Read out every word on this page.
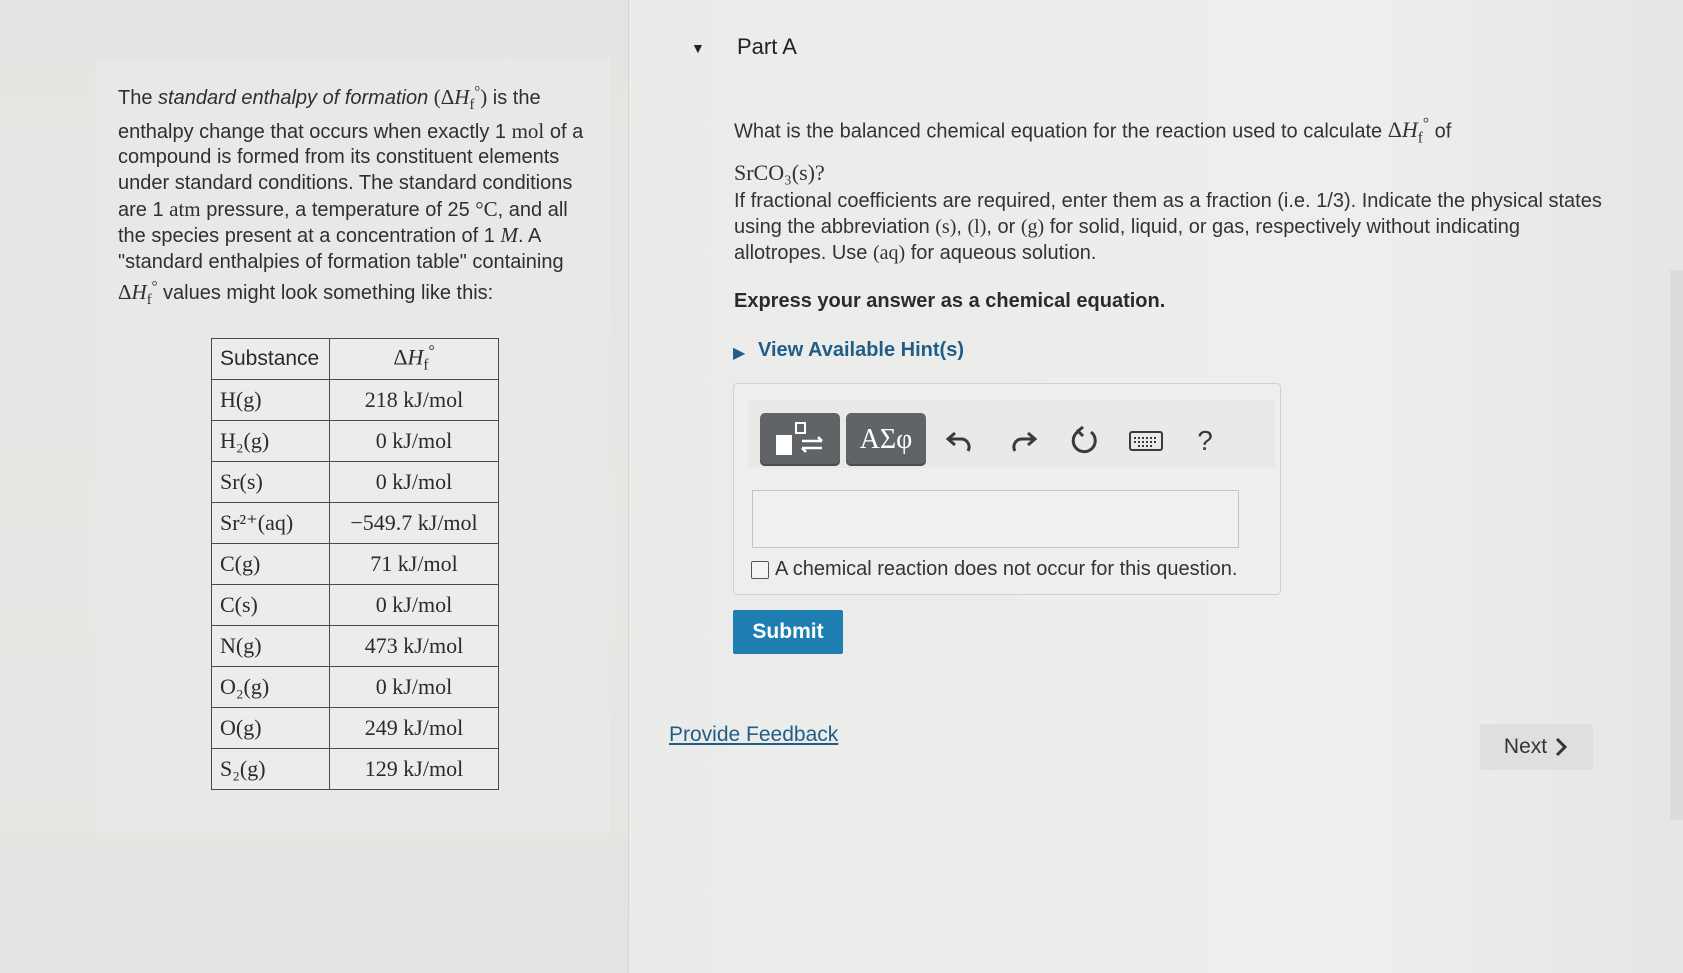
The standard enthalpy of formation $(\Delta H_f^\circ)$ is the enthalpy change that occurs when exactly 1 mol of a compound is formed from its constituent elements under standard conditions. The standard conditions are 1 atm pressure, a temperature of 25 °C, and all the species present at a concentration of 1 M. A "standard enthalpies of formation table" containing $\Delta H_f^\circ$ values might look something like this:
Substance	$\Delta H_f^\circ$
H(g)	218 kJ/mol
H₂(g)	0 kJ/mol
Sr(s)	0 kJ/mol
Sr²⁺(aq)	−549.7 kJ/mol
C(g)	71 kJ/mol
C(s)	0 kJ/mol
N(g)	473 kJ/mol
O₂(g)	0 kJ/mol
O(g)	249 kJ/mol
S₂(g)	129 kJ/mol
▼ Part A
What is the balanced chemical equation for the reaction used to calculate $\Delta H_f^\circ$ of
SrCO₃(s)?
If fractional coefficients are required, enter them as a fraction (i.e. 1/3). Indicate the physical states using the abbreviation (s), (l), or (g) for solid, liquid, or gas, respectively without indicating allotropes. Use (aq) for aqueous solution.
Express your answer as a chemical equation.
▶ View Available Hint(s)
ΑΣφ	?
A chemical reaction does not occur for this question.
Submit
Provide Feedback
Next
